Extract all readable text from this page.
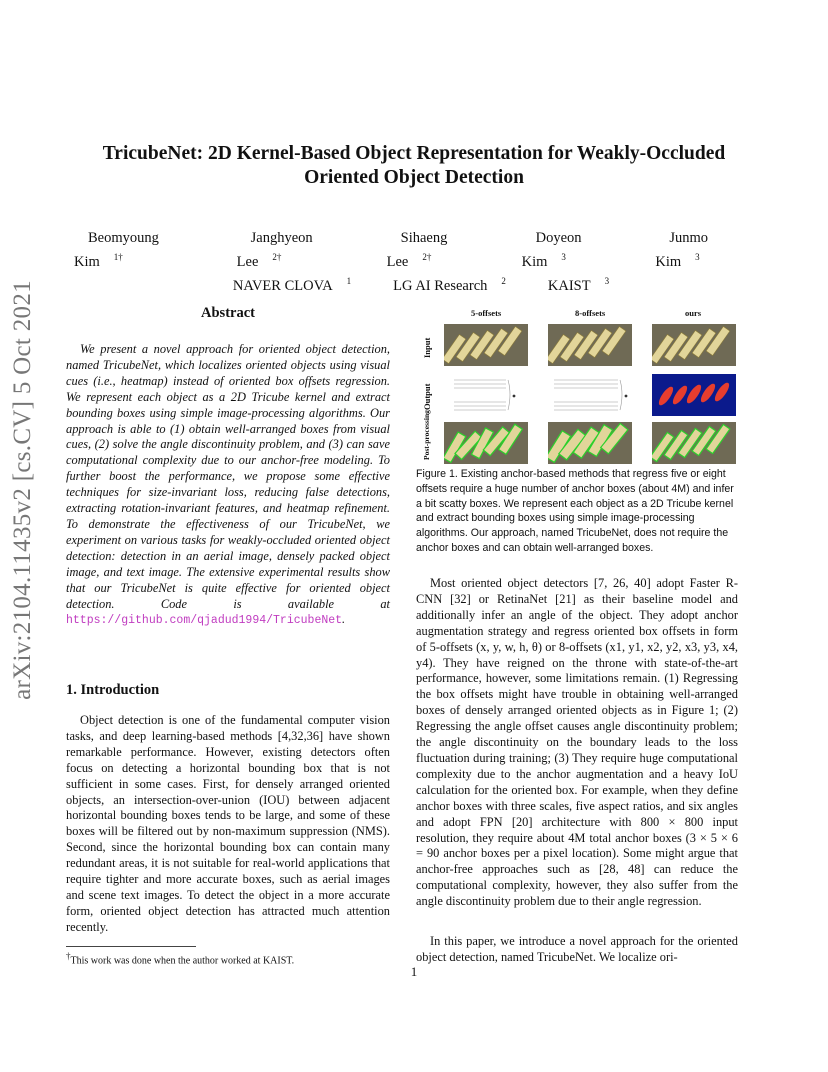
TricubeNet: 2D Kernel-Based Object Representation for Weakly-Occluded
Oriented Object Detection
Beomyoung Kim $^{1\dagger}$
Janghyeon Lee $^{2\dagger}$
Sihaeng Lee $^{2\dagger}$
Doyeon Kim $^3$
Junmo Kim $^3$
NAVER CLOVA $^1$	LG AI Research $^2$	KAIST $^3$
arXiv:2104.11435v2 [cs.CV] 5 Oct 2021	Abstract
We present a novel approach for oriented object detection, named TricubeNet, which localizes oriented objects using visual cues (i.e., heatmap) instead of oriented box offsets regression. We represent each object as a 2D Tricube kernel and extract bounding boxes using simple image-processing algorithms. Our approach is able to (1) obtain well-arranged boxes from visual cues, (2) solve the angle discontinuity problem, and (3) can save computational complexity due to our anchor-free modeling. To further boost the performance, we propose some effective techniques for size-invariant loss, reducing false detections, extracting rotation-invariant features, and heatmap refinement. To demonstrate the effectiveness of our TricubeNet, we experiment on various tasks for weakly-occluded oriented object detection: detection in an aerial image, densely packed object image, and text image. The extensive experimental results show that our TricubeNet is quite effective for oriented object detection. Code is available at https://github.com/qjadud1994/TricubeNet.
1. Introduction
Object detection is one of the fundamental computer vision tasks, and deep learning-based methods [4,32,36] have shown remarkable performance. However, existing detectors often focus on detecting a horizontal bounding box that is not sufficient in some cases. First, for densely arranged oriented objects, an intersection-over-union (IOU) between adjacent horizontal bounding boxes tends to be large, and some of these boxes will be filtered out by non-maximum suppression (NMS). Second, since the horizontal bounding box can contain many redundant areas, it is not suitable for real-world applications that require tighter and more accurate boxes, such as aerial images and scene text images. To detect the object in a more accurate form, oriented object detection has attracted much attention recently.
†This work was done when the author worked at KAIST.
5-offsets	8-offsets	ours
Input
Output
Post-processing
Figure 1. Existing anchor-based methods that regress five or eight offsets require a huge number of anchor boxes (about 4M) and infer a bit scatty boxes. We represent each object as a 2D Tricube kernel and extract bounding boxes using simple image-processing algorithms. Our approach, named TricubeNet, does not require the anchor boxes and can obtain well-arranged boxes.
Most oriented object detectors [7, 26, 40] adopt Faster R-CNN [32] or RetinaNet [21] as their baseline model and additionally infer an angle of the object. They adopt anchor augmentation strategy and regress oriented box offsets in form of 5-offsets (x, y, w, h, θ) or 8-offsets (x1, y1, x2, y2, x3, y3, x4, y4). They have reigned on the throne with state-of-the-art performance, however, some limitations remain. (1) Regressing the box offsets might have trouble in obtaining well-arranged boxes of densely arranged oriented objects as in Figure 1; (2) Regressing the angle offset causes angle discontinuity problem; the angle discontinuity on the boundary leads to the loss fluctuation during training; (3) They require huge computational complexity due to the anchor augmentation and a heavy IoU calculation for the oriented box. For example, when they define anchor boxes with three scales, five aspect ratios, and six angles and adopt FPN [20] architecture with 800 × 800 input resolution, they require about 4M total anchor boxes (3 × 5 × 6 = 90 anchor boxes per a pixel location). Some might argue that anchor-free approaches such as [28, 48] can reduce the computational complexity, however, they also suffer from the angle discontinuity problem due to their angle regression.
In this paper, we introduce a novel approach for the oriented object detection, named TricubeNet. We localize ori-
1
